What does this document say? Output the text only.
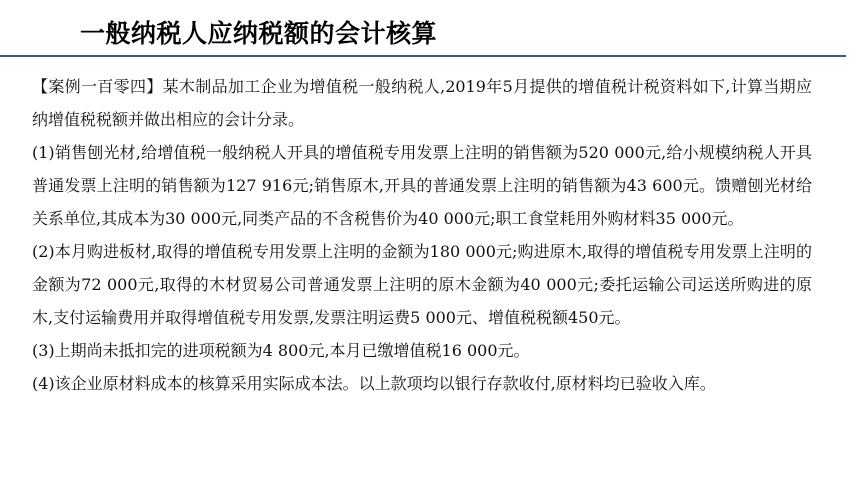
一般纳税人应纳税额的会计核算

【案例一百零四】某木制品加工企业为增值税一般纳税人,2019年5月提供的增值税计税资料如下,计算当期应纳增值税税额并做出相应的会计分录。

(1)销售刨光材,给增值税一般纳税人开具的增值税专用发票上注明的销售额为520 000元,给小规模纳税人开具普通发票上注明的销售额为127 916元;销售原木,开具的普通发票上注明的销售额为43 600元。馈赠刨光材给关系单位,其成本为30 000元,同类产品的不含税售价为40 000元;职工食堂耗用外购材料35 000元。

(2)本月购进板材,取得的增值税专用发票上注明的金额为180 000元;购进原木,取得的增值税专用发票上注明的金额为72 000元,取得的木材贸易公司普通发票上注明的原木金额为40 000元;委托运输公司运送所购进的原木,支付运输费用并取得增值税专用发票,发票注明运费5 000元、增值税税额450元。

(3)上期尚未抵扣完的进项税额为4 800元,本月已缴增值税16 000元。

(4)该企业原材料成本的核算采用实际成本法。以上款项均以银行存款收付,原材料均已验收入库。
